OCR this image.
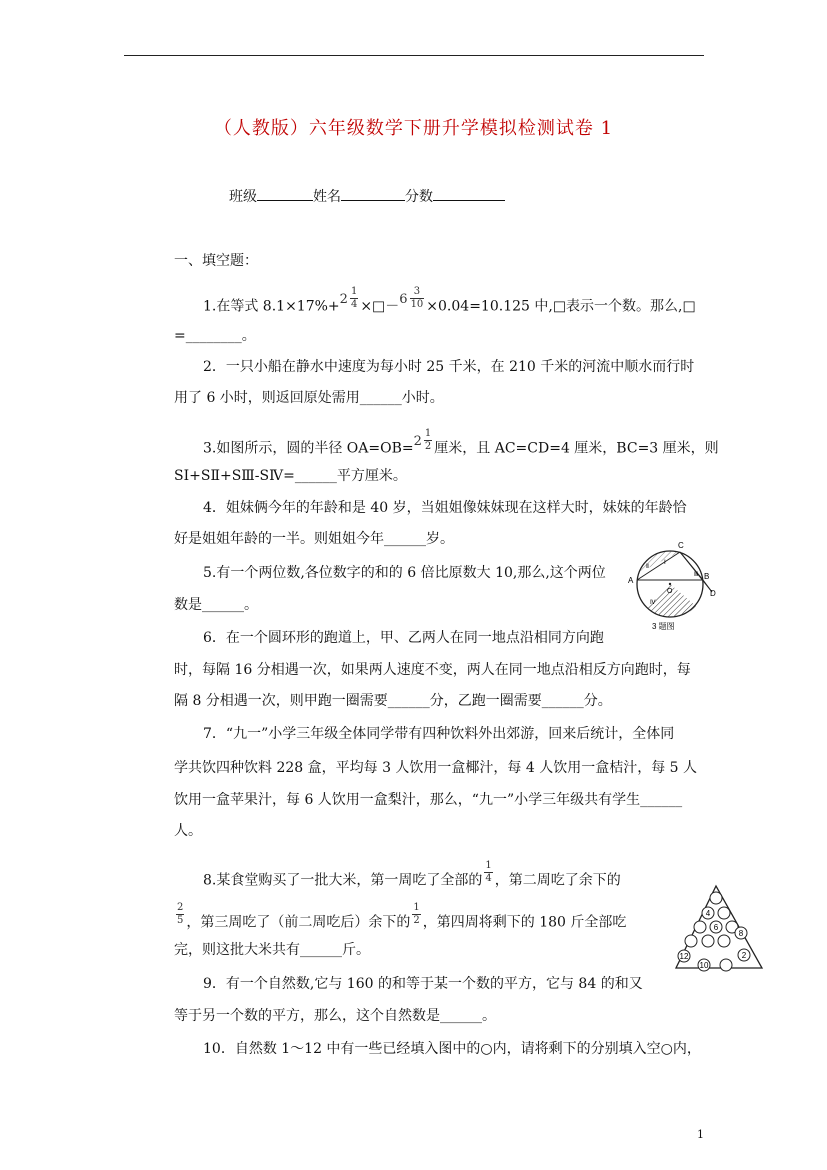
（人教版）六年级数学下册升学模拟检测试卷 1
班级	姓名	分数
一、填空题：
1.在等式 $8.1\times 17\%+2 \frac{1}{4}$ ×□－6 $\frac{3}{10} \times 0.04=10.125$ 中,□表示一个数。那么,□
=________。
2．一只小船在静水中速度为每小时 25 千米，在 210 千米的河流中顺水而行时
用了 6 小时，则返回原处需用______小时。
3.如图所示，圆的半径 $OA=OB=2 \frac{1}{2}$ 厘米，且 AC=CD=4 厘米，BC=3 厘米，则
SⅠ+SⅡ+SⅢ-SⅣ=______平方厘米。
4．姐妹俩今年的年龄和是 40 岁，当姐姐像妹妹现在这样大时，妹妹的年龄恰
好是姐姐年龄的一半。则姐姐今年______岁。
5.有一个两位数,各位数字的和的 6 倍比原数大 10,那么,这个两位
数是______。
A	B
C
D
O
Ⅱ
Ⅰ
Ⅲ
Ⅳ
3 题图
6．在一个圆环形的跑道上，甲、乙两人在同一地点沿相同方向跑
时，每隔 16 分相遇一次，如果两人速度不变，两人在同一地点沿相反方向跑时，每
隔 8 分相遇一次，则甲跑一圈需要______分，乙跑一圈需要______分。
7．“九一”小学三年级全体同学带有四种饮料外出郊游，回来后统计，全体同
学共饮四种饮料 228 盒，平均每 3 人饮用一盒椰汁，每 4 人饮用一盒桔汁，每 5 人
饮用一盒苹果汁，每 6 人饮用一盒梨汁，那么，“九一”小学三年级共有学生______
人。
8.某食堂购买了一批大米，第一周吃了全部的 $\frac{1}{4}$ ，第二周吃了余下的
$\frac{2}{5}$ ，第三周吃了（前二周吃后）余下的 $\frac{1}{2}$ ，第四周将剩下的 180 斤全部吃
完，则这批大米共有______斤。
4
6
8
12
10
2
9．有一个自然数,它与 160 的和等于某一个数的平方，它与 84 的和又
等于另一个数的平方，那么，这个自然数是______。
10．自然数 1～12 中有一些已经填入图中的○内，请将剩下的分别填入空○内，
1
